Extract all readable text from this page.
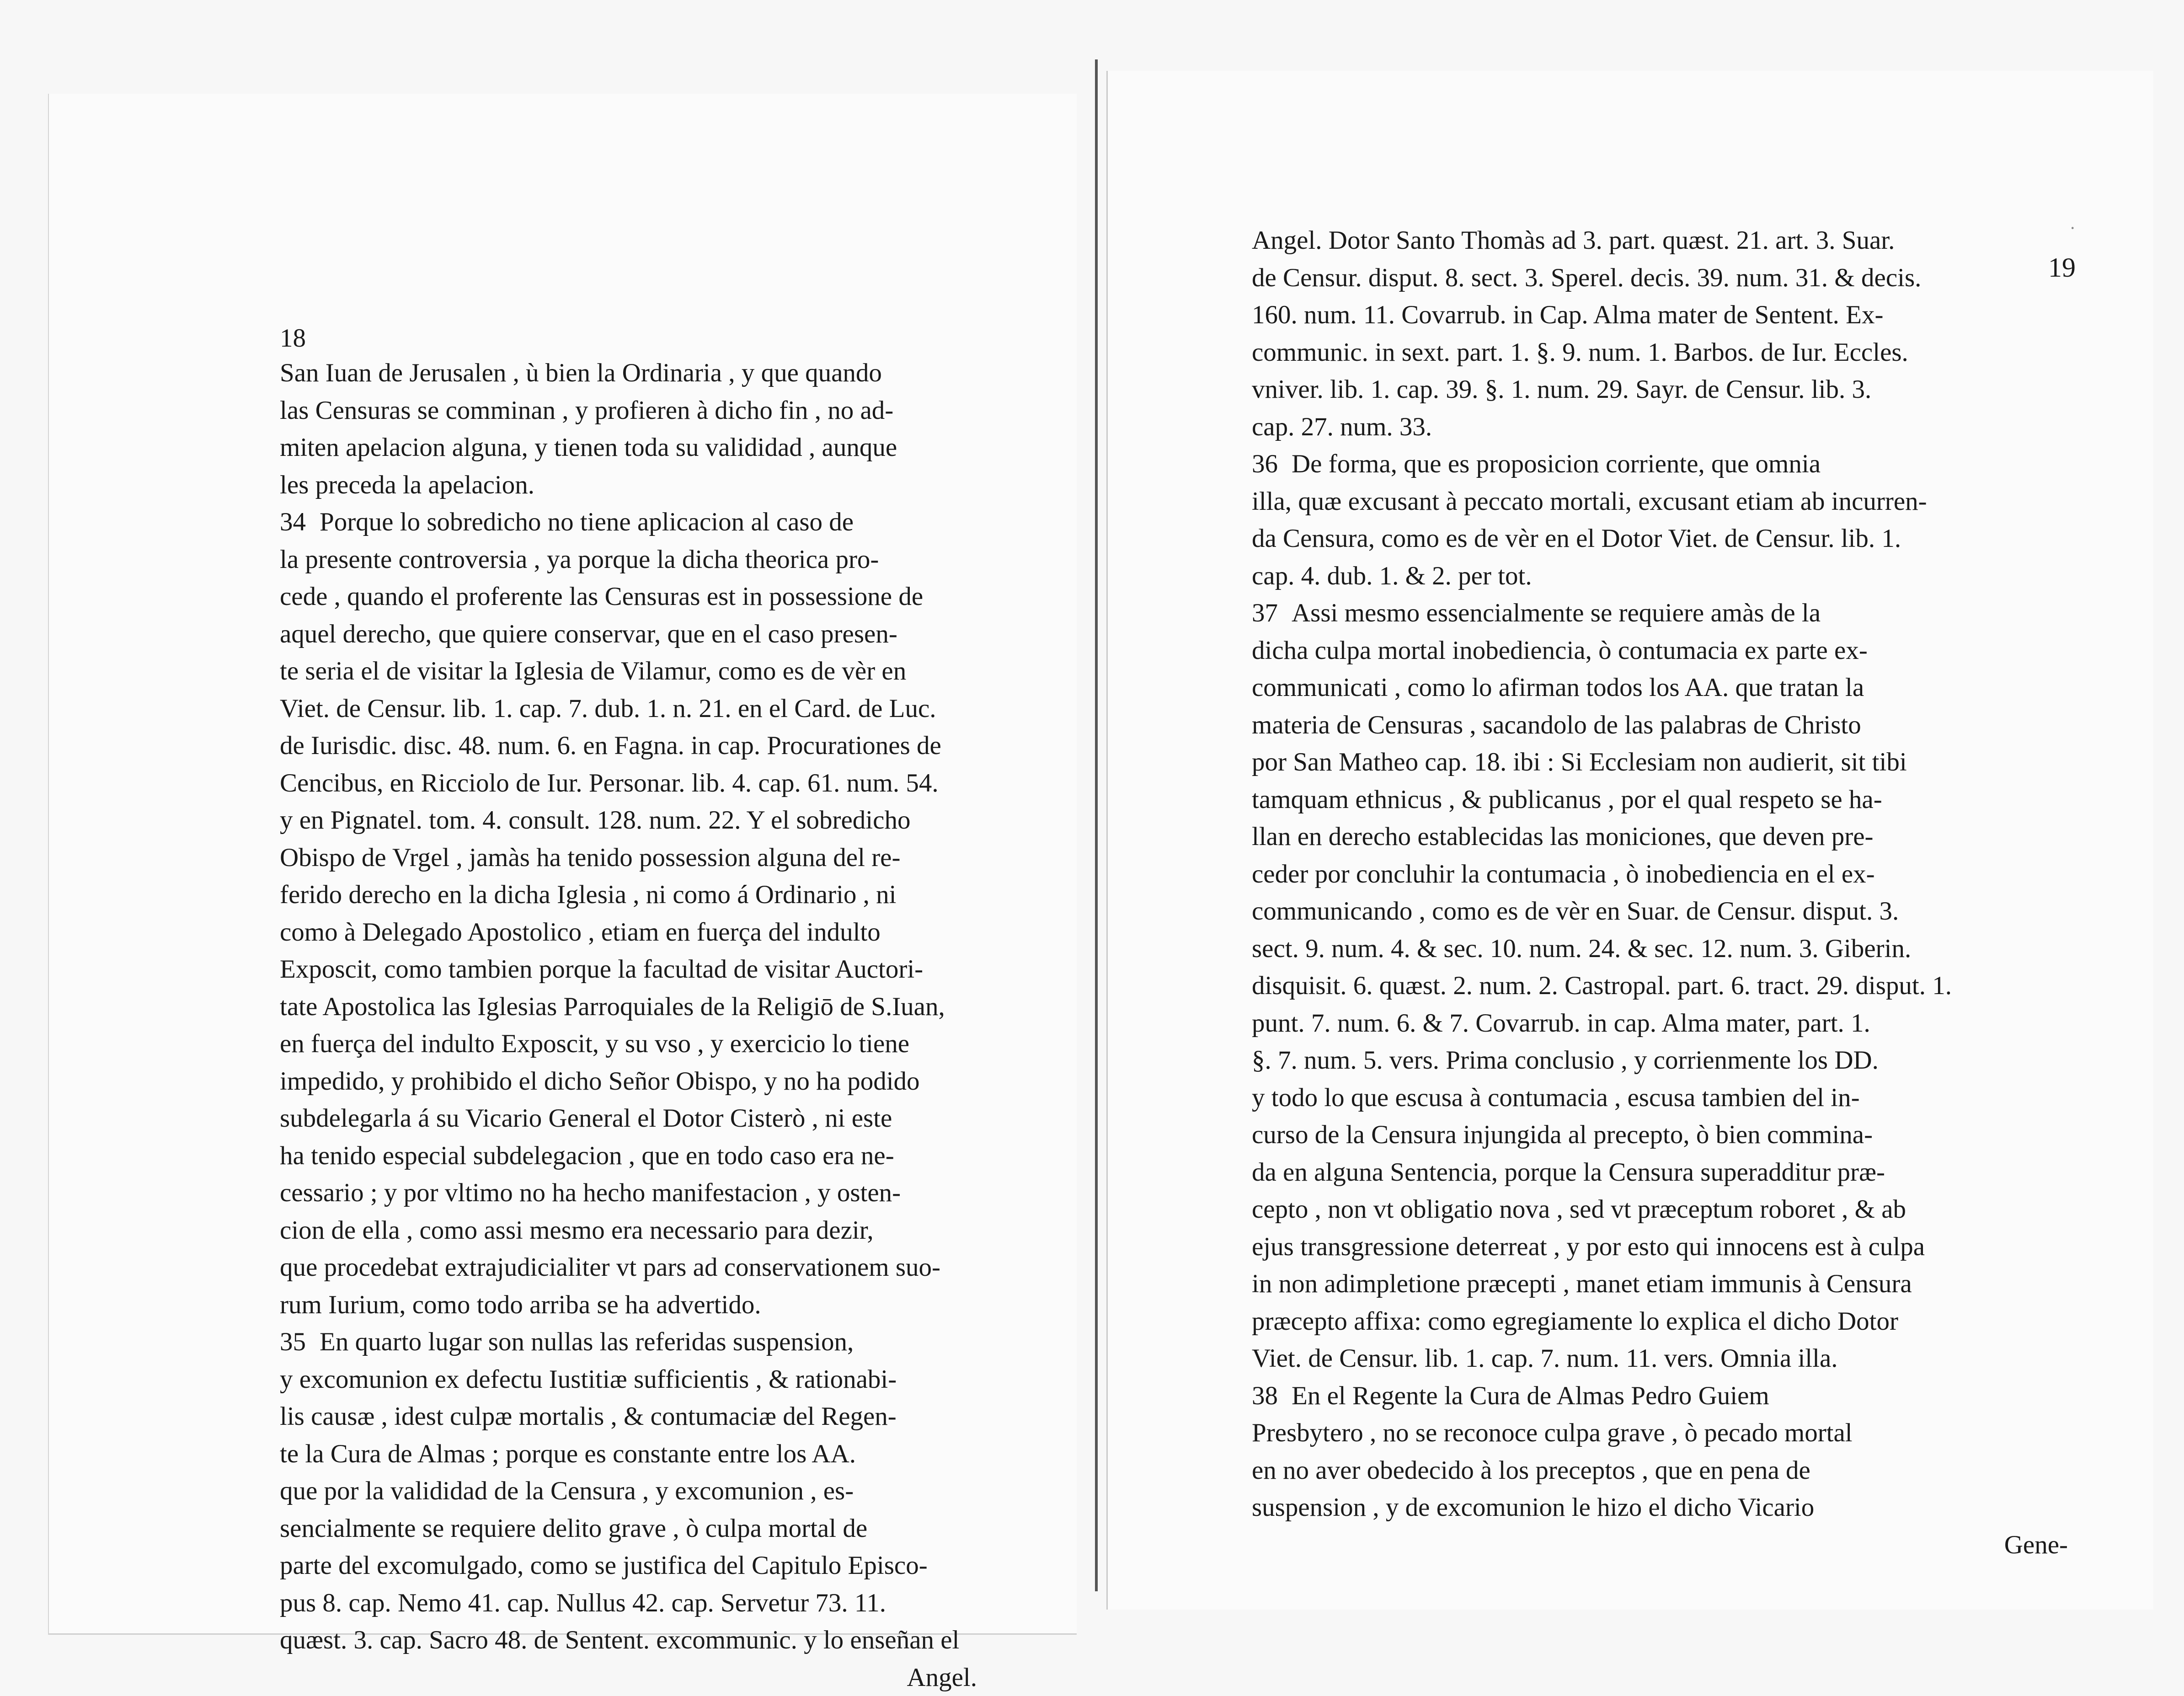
18

San Iuan de Jerusalen , ù bien la Ordinaria , y que quando

las Censuras se comminan , y profieren à dicho fin , no ad-

miten apelacion alguna, y tienen toda su valididad , aunque

les preceda la apelacion.

34 Porque lo sobredicho no tiene aplicacion al caso de

la presente controversia , ya porque la dicha theorica pro-

cede , quando el proferente las Censuras est in possessione de

aquel derecho, que quiere conservar, que en el caso presen-

te seria el de visitar la Iglesia de Vilamur, como es de vèr en

Viet. de Censur. lib. 1. cap. 7. dub. 1. n. 21. en el Card. de Luc.

de Iurisdic. disc. 48. num. 6. en Fagna. in cap. Procurationes de

Cencibus, en Ricciolo de Iur. Personar. lib. 4. cap. 61. num. 54.

y en Pignatel. tom. 4. consult. 128. num. 22. Y el sobredicho

Obispo de Vrgel , jamàs ha tenido possession alguna del re-

ferido derecho en la dicha Iglesia , ni como á Ordinario , ni

como à Delegado Apostolico , etiam en fuerça del indulto

Exposcit, como tambien porque la facultad de visitar Auctori-

tate Apostolica las Iglesias Parroquiales de la Religiō de S.Iuan,

en fuerça del indulto Exposcit, y su vso , y exercicio lo tiene

impedido, y prohibido el dicho Señor Obispo, y no ha podido

subdelegarla á su Vicario General el Dotor Cisterò , ni este

ha tenido especial subdelegacion , que en todo caso era ne-

cessario ; y por vltimo no ha hecho manifestacion , y osten-

cion de ella , como assi mesmo era necessario para dezir,

que procedebat extrajudicialiter vt pars ad conservationem suo-

rum Iurium, como todo arriba se ha advertido.

35 En quarto lugar son nullas las referidas suspension,

y excomunion ex defectu Iustitiæ sufficientis , & rationabi-

lis causæ , idest culpæ mortalis , & contumaciæ del Regen-

te la Cura de Almas ; porque es constante entre los AA.

que por la valididad de la Censura , y excomunion , es-

sencialmente se requiere delito grave , ò culpa mortal de

parte del excomulgado, como se justifica del Capitulo Episco-

pus 8. cap. Nemo 41. cap. Nullus 42. cap. Servetur 73. 11.

quæst. 3. cap. Sacro 48. de Sentent. excommunic. y lo enseñan el

Angel.

·
19

Angel. Dotor Santo Thomàs ad 3. part. quæst. 21. art. 3. Suar.

de Censur. disput. 8. sect. 3. Sperel. decis. 39. num. 31. & decis.

160. num. 11. Covarrub. in Cap. Alma mater de Sentent. Ex-

communic. in sext. part. 1. §. 9. num. 1. Barbos. de Iur. Eccles.

vniver. lib. 1. cap. 39. §. 1. num. 29. Sayr. de Censur. lib. 3.

cap. 27. num. 33.

36 De forma, que es proposicion corriente, que omnia

illa, quæ excusant à peccato mortali, excusant etiam ab incurren-

da Censura, como es de vèr en el Dotor Viet. de Censur. lib. 1.

cap. 4. dub. 1. & 2. per tot.

37 Assi mesmo essencialmente se requiere amàs de la

dicha culpa mortal inobediencia, ò contumacia ex parte ex-

communicati , como lo afirman todos los AA. que tratan la

materia de Censuras , sacandolo de las palabras de Christo

por San Matheo cap. 18. ibi : Si Ecclesiam non audierit, sit tibi

tamquam ethnicus , & publicanus , por el qual respeto se ha-

llan en derecho establecidas las moniciones, que deven pre-

ceder por concluhir la contumacia , ò inobediencia en el ex-

communicando , como es de vèr en Suar. de Censur. disput. 3.

sect. 9. num. 4. & sec. 10. num. 24. & sec. 12. num. 3. Giberin.

disquisit. 6. quæst. 2. num. 2. Castropal. part. 6. tract. 29. disput. 1.

punt. 7. num. 6. & 7. Covarrub. in cap. Alma mater, part. 1.

§. 7. num. 5. vers. Prima conclusio , y corrienmente los DD.

y todo lo que escusa à contumacia , escusa tambien del in-

curso de la Censura injungida al precepto, ò bien commina-

da en alguna Sentencia, porque la Censura superadditur præ-

cepto , non vt obligatio nova , sed vt præceptum roboret , & ab

ejus transgressione deterreat , y por esto qui innocens est à culpa

in non adimpletione præcepti , manet etiam immunis à Censura

præcepto affixa: como egregiamente lo explica el dicho Dotor

Viet. de Censur. lib. 1. cap. 7. num. 11. vers. Omnia illa.

38 En el Regente la Cura de Almas Pedro Guiem

Presbytero , no se reconoce culpa grave , ò pecado mortal

en no aver obedecido à los preceptos , que en pena de

suspension , y de excomunion le hizo el dicho Vicario

Gene-
